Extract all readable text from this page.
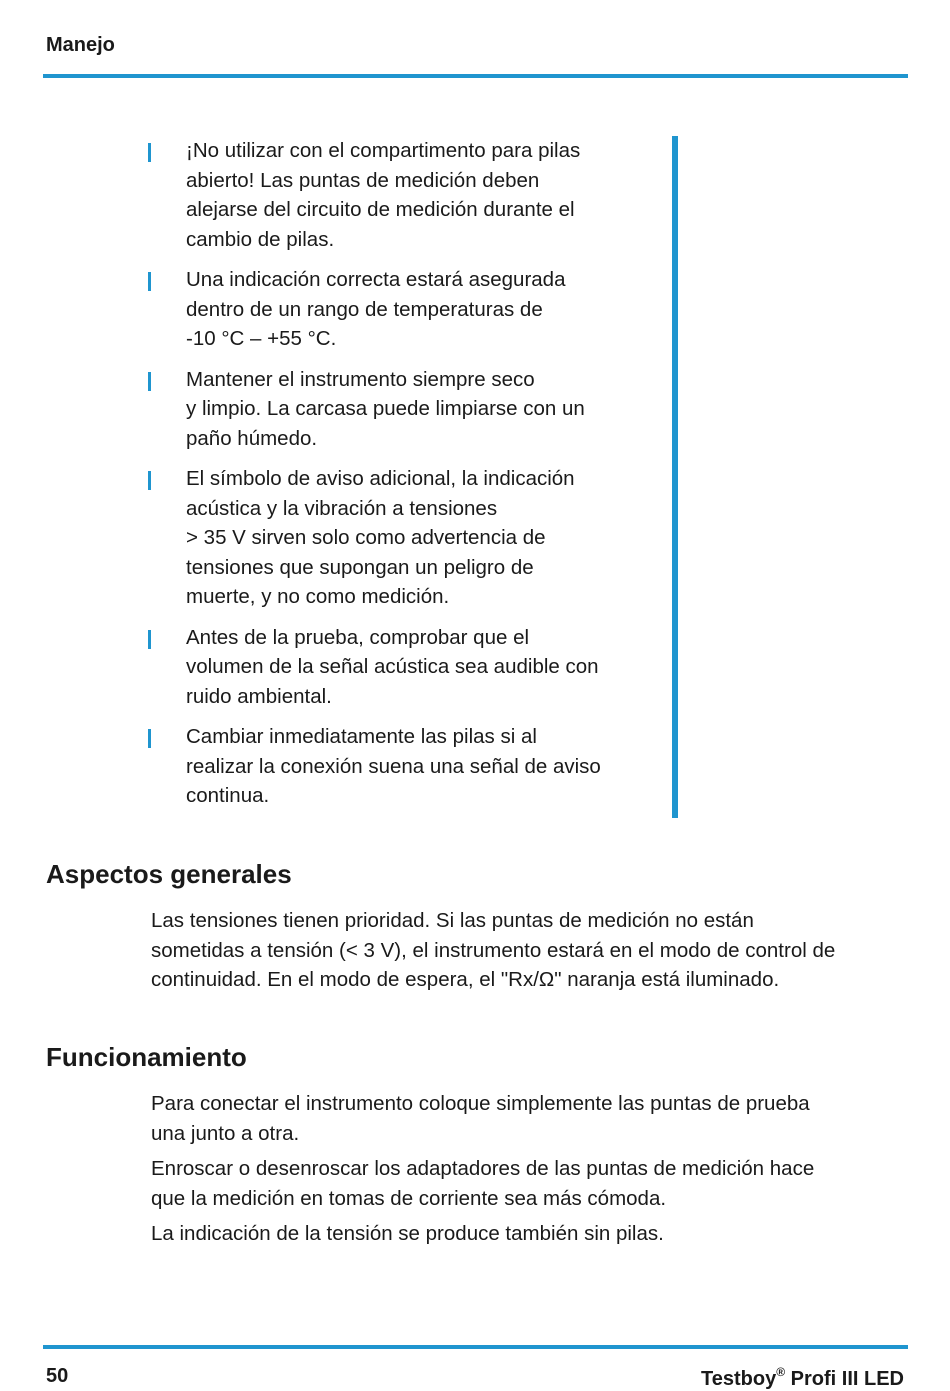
Manejo
¡No utilizar con el compartimento para pilas
abierto! Las puntas de medición deben
alejarse del circuito de medición durante el
cambio de pilas.
Una indicación correcta estará asegurada
dentro de un rango de temperaturas de
-10 °C – +55 °C.
Mantener el instrumento siempre seco
y limpio. La carcasa puede limpiarse con un
paño húmedo.
El símbolo de aviso adicional, la indicación
acústica y la vibración a tensiones
> 35 V sirven solo como advertencia de
tensiones que supongan un peligro de
muerte, y no como medición.
Antes de la prueba, comprobar que el
volumen de la señal acústica sea audible con
ruido ambiental.
Cambiar inmediatamente las pilas si al
realizar la conexión suena una señal de aviso
continua.
Aspectos generales

Las tensiones tienen prioridad. Si las puntas de medición no están
sometidas a tensión (< 3 V), el instrumento estará en el modo de control de
continuidad. En el modo de espera, el "Rx/Ω" naranja está iluminado.

Funcionamiento

Para conectar el instrumento coloque simplemente las puntas de prueba
una junto a otra.

Enroscar o desenroscar los adaptadores de las puntas de medición hace
que la medición en tomas de corriente sea más cómoda.

La indicación de la tensión se produce también sin pilas.

50	Testboy® Profi III LED
